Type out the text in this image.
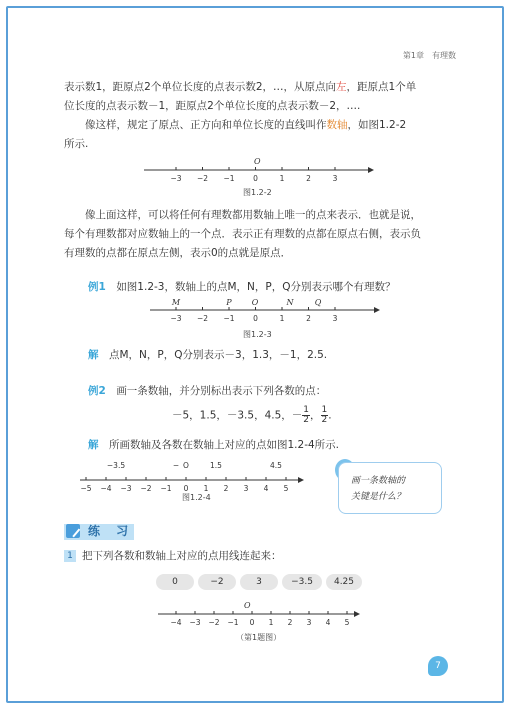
第1章　有理数
表示数1，距原点2个单位长度的点表示数2，…，从原点向左，距原点1个单
位长度的点表示数－1，距原点2个单位长度的点表示数－2，….
像这样，规定了原点、正方向和单位长度的直线叫作数轴，如图1.2-2
所示.
O
−3 −2 −1 0	1	2	3
图1.2-2
像上面这样，可以将任何有理数都用数轴上唯一的点来表示．也就是说，
每个有理数都对应数轴上的一个点．表示正有理数的点都在原点右侧，表示负
有理数的点都在原点左侧，表示0的点就是原点．
例1　 如图1.2-3，数轴上的点M，N，P，Q分别表示哪个有理数？
M	P	O	N	Q
−3 −2 −1 0	1	2	3
图1.2-3
解　 点M，N，P，Q分别表示－3，1.3，－1，2.5.
例2　 画一条数轴，并分别标出表示下列各数的点：
－5，1.5，－3.5，4.5，－ $\frac{1}{2}$ ， $\frac{1}{2}$ .
解　 所画数轴及各数在数轴上对应的点如图1.2-4所示.
−3.5	− O	1.5	4.5
−5 −4 −3 −2 −1 0 1 2 3 4 5
图1.2-4
画一条数轴的
关键是什么？
练 习
1 把下列各数和数轴上对应的点用线连起来：
0	−2	3	−3.5	4.25
O
−4 −3 −2 −1 0 1 2 3 4 5
（第1题图）
7
